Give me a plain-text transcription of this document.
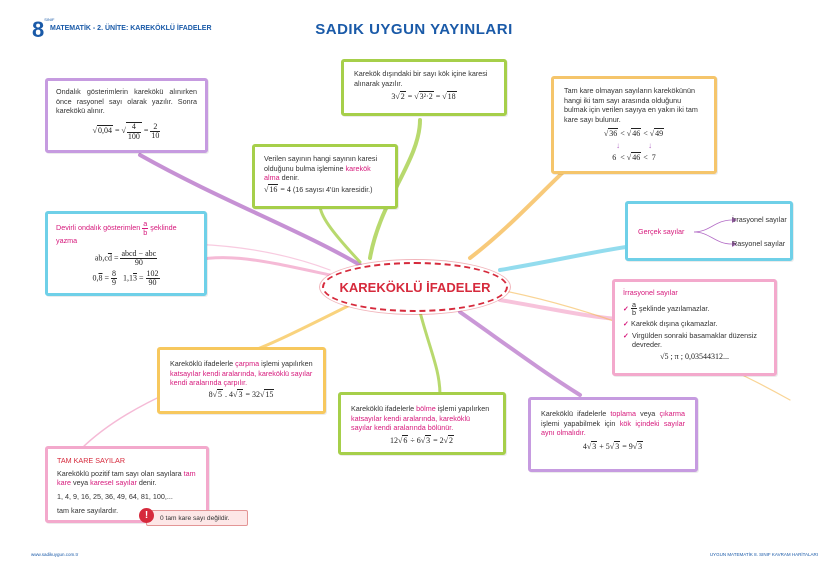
$8^{SINIF}$
MATEMATİK - 2. ÜNİTE: KAREKÖKLÜ İFADELER	SADIK UYGUN YAYINLARI
KAREKÖKLÜ İFADELER
Ondalık gösterimlerin karekökü alınırken önce rasyonel sayı olarak yazılır. Sonra karekökü alınır.
√0,04 = √ $\frac{4}{100} = \frac{2}{10}$
Karekök dışındaki bir sayı kök içine karesi alınarak yazılır.
3√2 = √3²·2 = √18
Tam kare olmayan sayıların karekökünün hangi iki tam sayı arasında olduğunu bulmak için verilen sayıya en yakın iki tam kare sayı bulunur.
√36 < √46 < √49
↓              ↓
6  < √46 <  7
Verilen sayının hangi sayının karesi olduğunu bulma işlemine karekök alma denir.
√16 = 4 (16 sayısı 4'ün karesidir.)
Devirli ondalık gösterimlen $\frac{a}{b}$ şeklinde yazma
$ab,c\overline{d} = \frac{\text{abcd − abc}}{90}$
$0,8 = \frac{8}{9} 1,13 = \frac{102}{90}$
Gerçek sayılar
İrrasyonel sayılar
Rasyonel sayılar
İrrasyonel sayılar
✓ $\frac{a}{b}$ şeklinde yazılamazlar.
✓ Karekök dışına çıkamazlar.
✓ Virgülden sonraki basamaklar düzensiz devreder.
√5 ; π ; 0,03544312...
Kareköklü ifadelerle çarpma işlemi yapılırken katsayılar kendi aralarında, kareköklü sayılar kendi aralarında çarpılır.
8√5 . 4√3 = 32√15
Kareköklü ifadelerle bölme işlemi yapılırken katsayılar kendi aralarında, kareköklü sayılar kendi aralarında bölünür.
12√6 ÷ 6√3 = 2√2
Kareköklü ifadelerle toplama veya çıkarma işlemi yapabilmek için kök içindeki sayılar aynı olmalıdır.
4√3 + 5√3 = 9√3
TAM KARE SAYILAR
Kareköklü pozitif tam sayı olan sayılara tam kare veya kareseI sayılar denir.
1, 4, 9, 16, 25, 36, 49, 64, 81, 100,...
tam kare sayılardır.
0 tam kare sayı değildir.
!
www.sadikuygun.com.tr	UYGUN MATEMATİK 8. SINIF KAVRAM HARİTALARI
